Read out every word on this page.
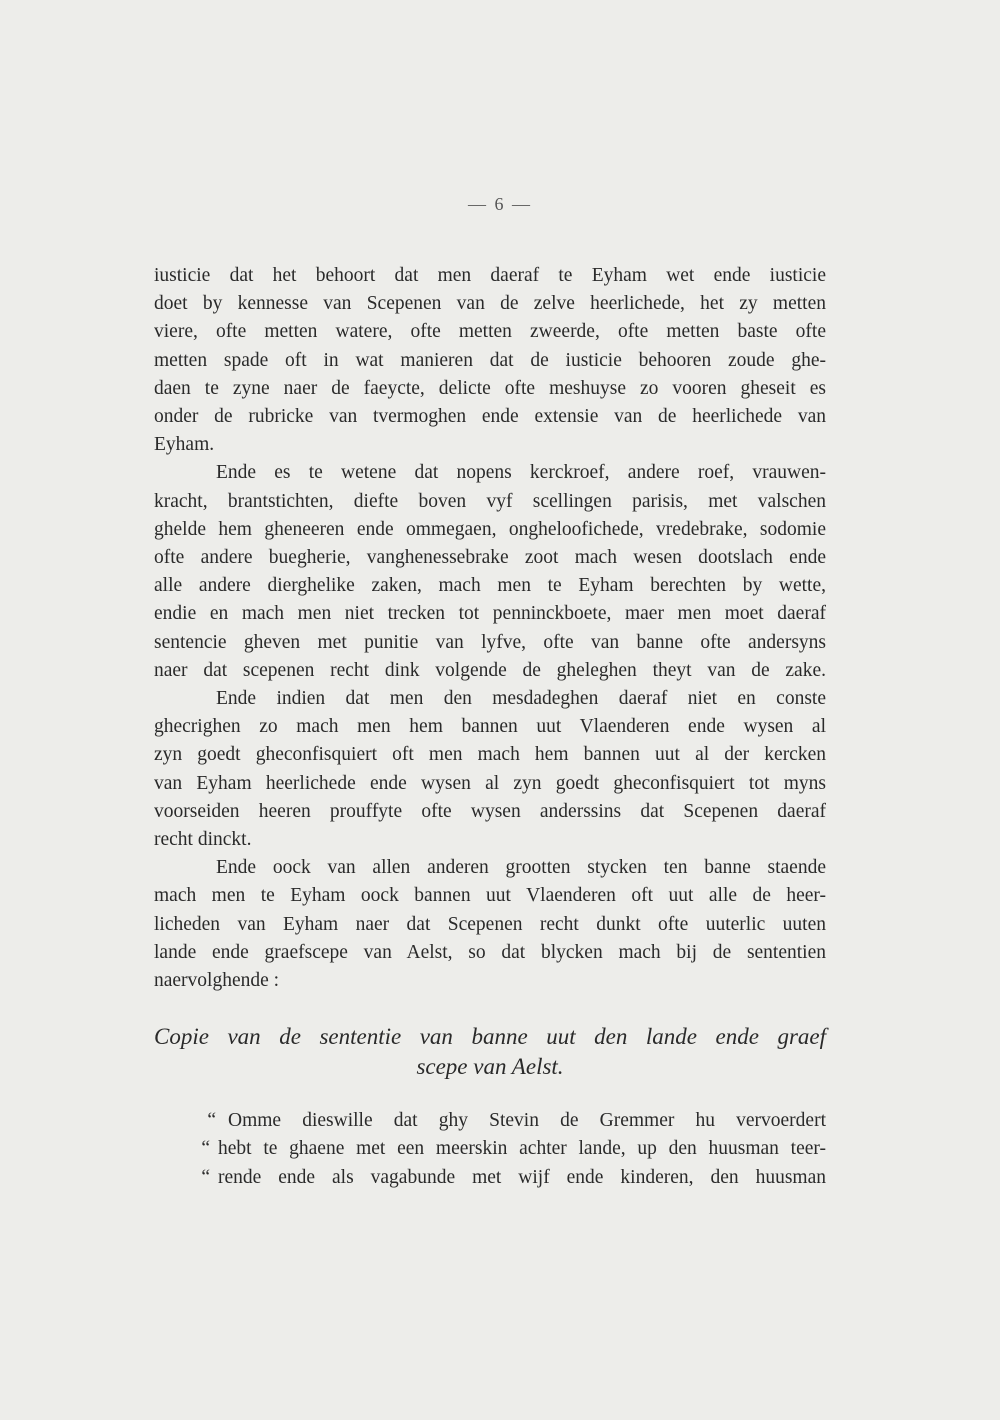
— 6 —
iusticie dat het behoort dat men daeraf te Eyham wet ende iusticie
doet by kennesse van Scepenen van de zelve heerlichede, het zy metten
viere, ofte metten watere, ofte metten zweerde, ofte metten baste ofte
metten spade oft in wat manieren dat de iusticie behooren zoude ghe-
daen te zyne naer de faeycte, delicte ofte meshuyse zo vooren gheseit es
onder de rubricke van tvermoghen ende extensie van de heerlichede van
Eyham.
Ende es te wetene dat nopens kerckroef, andere roef, vrauwen-
kracht, brantstichten, diefte boven vyf scellingen parisis, met valschen
ghelde hem gheneeren ende ommegaen, ongheloofichede, vredebrake, sodomie
ofte andere buegherie, vanghenessebrake zoot mach wesen dootslach ende
alle andere dierghelike zaken, mach men te Eyham berechten by wette,
endie en mach men niet trecken tot penninckboete, maer men moet daeraf
sentencie gheven met punitie van lyfve, ofte van banne ofte andersyns
naer dat scepenen recht dink volgende de gheleghen theyt van de zake.
Ende indien dat men den mesdadeghen daeraf niet en conste
ghecrighen zo mach men hem bannen uut Vlaenderen ende wysen al
zyn goedt gheconfisquiert oft men mach hem bannen uut al der kercken
van Eyham heerlichede ende wysen al zyn goedt gheconfisquiert tot myns
voorseiden heeren prouffyte ofte wysen anderssins dat Scepenen daeraf
recht dinckt.
Ende oock van allen anderen grootten stycken ten banne staende
mach men te Eyham oock bannen uut Vlaenderen oft uut alle de heer-
licheden van Eyham naer dat Scepenen recht dunkt ofte uuterlic uuten
lande ende graefscepe van Aelst, so dat blycken mach bij de sententien
naervolghende :
Copie van de sententie van banne uut den lande ende graef
scepe van Aelst.
“ Omme dieswille dat ghy Stevin de Gremmer hu vervoerdert
“ hebt te ghaene met een meerskin achter lande, up den huusman teer-
“ rende ende als vagabunde met wijf ende kinderen, den huusman
